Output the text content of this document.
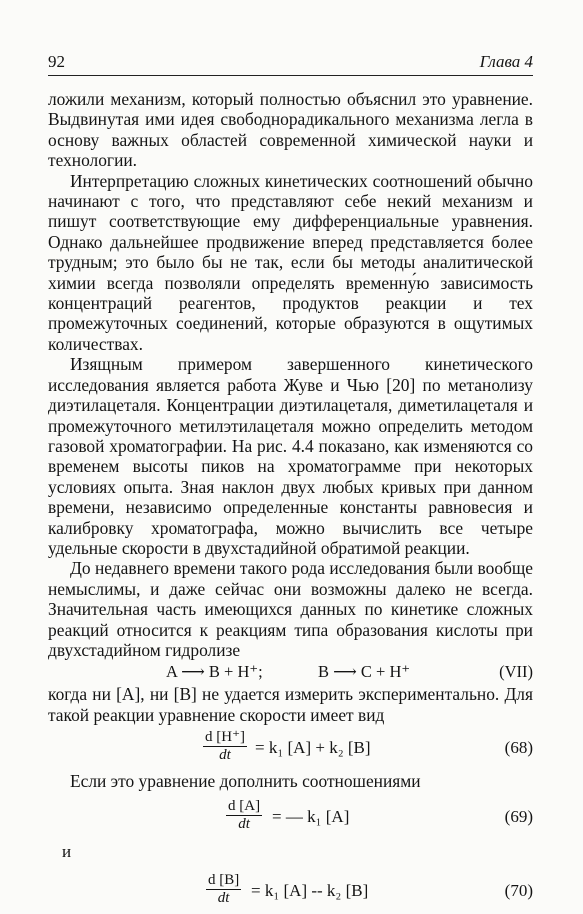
92	Глава 4

ложили механизм, который полностью объяснил это уравнение. Выдвинутая ими идея свободнорадикального механизма легла в основу важных областей современной химической науки и технологии.

Интерпретацию сложных кинетических соотношений обычно начинают с того, что представляют себе некий механизм и пишут соответствующие ему дифференциальные уравнения. Однако дальнейшее продвижение вперед представляется более трудным; это было бы не так, если бы методы аналитической химии всегда позволяли определять временну́ю зависимость концентраций реагентов, продуктов реакции и тех промежуточных соединений, которые образуются в ощутимых количествах.

Изящным примером завершенного кинетического исследования является работа Жуве и Чью [20] по метанолизу диэтилацеталя. Концентрации диэтилацеталя, диметилацеталя и промежуточного метилэтилацеталя можно определить методом газовой хроматографии. На рис. 4.4 показано, как изменяются со временем высоты пиков на хроматограмме при некоторых условиях опыта. Зная наклон двух любых кривых при данном времени, независимо определенные константы равновесия и калибровку хроматографа, можно вычислить все четыре удельные скорости в двухстадийной обратимой реакции.

До недавнего времени такого рода исследования были вообще немыслимы, и даже сейчас они возможны далеко не всегда. Значительная часть имеющихся данных по кинетике сложных реакций относится к реакциям типа образования кислоты при двухстадийном гидролизе

A ⟶ B + H⁺;	B ⟶ C + H⁺	(VII)

когда ни [A], ни [B] не удается измерить экспериментально. Для такой реакции уравнение скорости имеет вид

$\frac{d [H^+]}{dt} = k_1$ [A] + k₂ [B]	(68)

Если это уравнение дополнить соотношениями

$\frac{d [A]}{dt}$ = — k₁ [A]	(69)
и
$\frac{d [B]}{dt} = k_1$ [A] -- k₂ [B]	(70)
